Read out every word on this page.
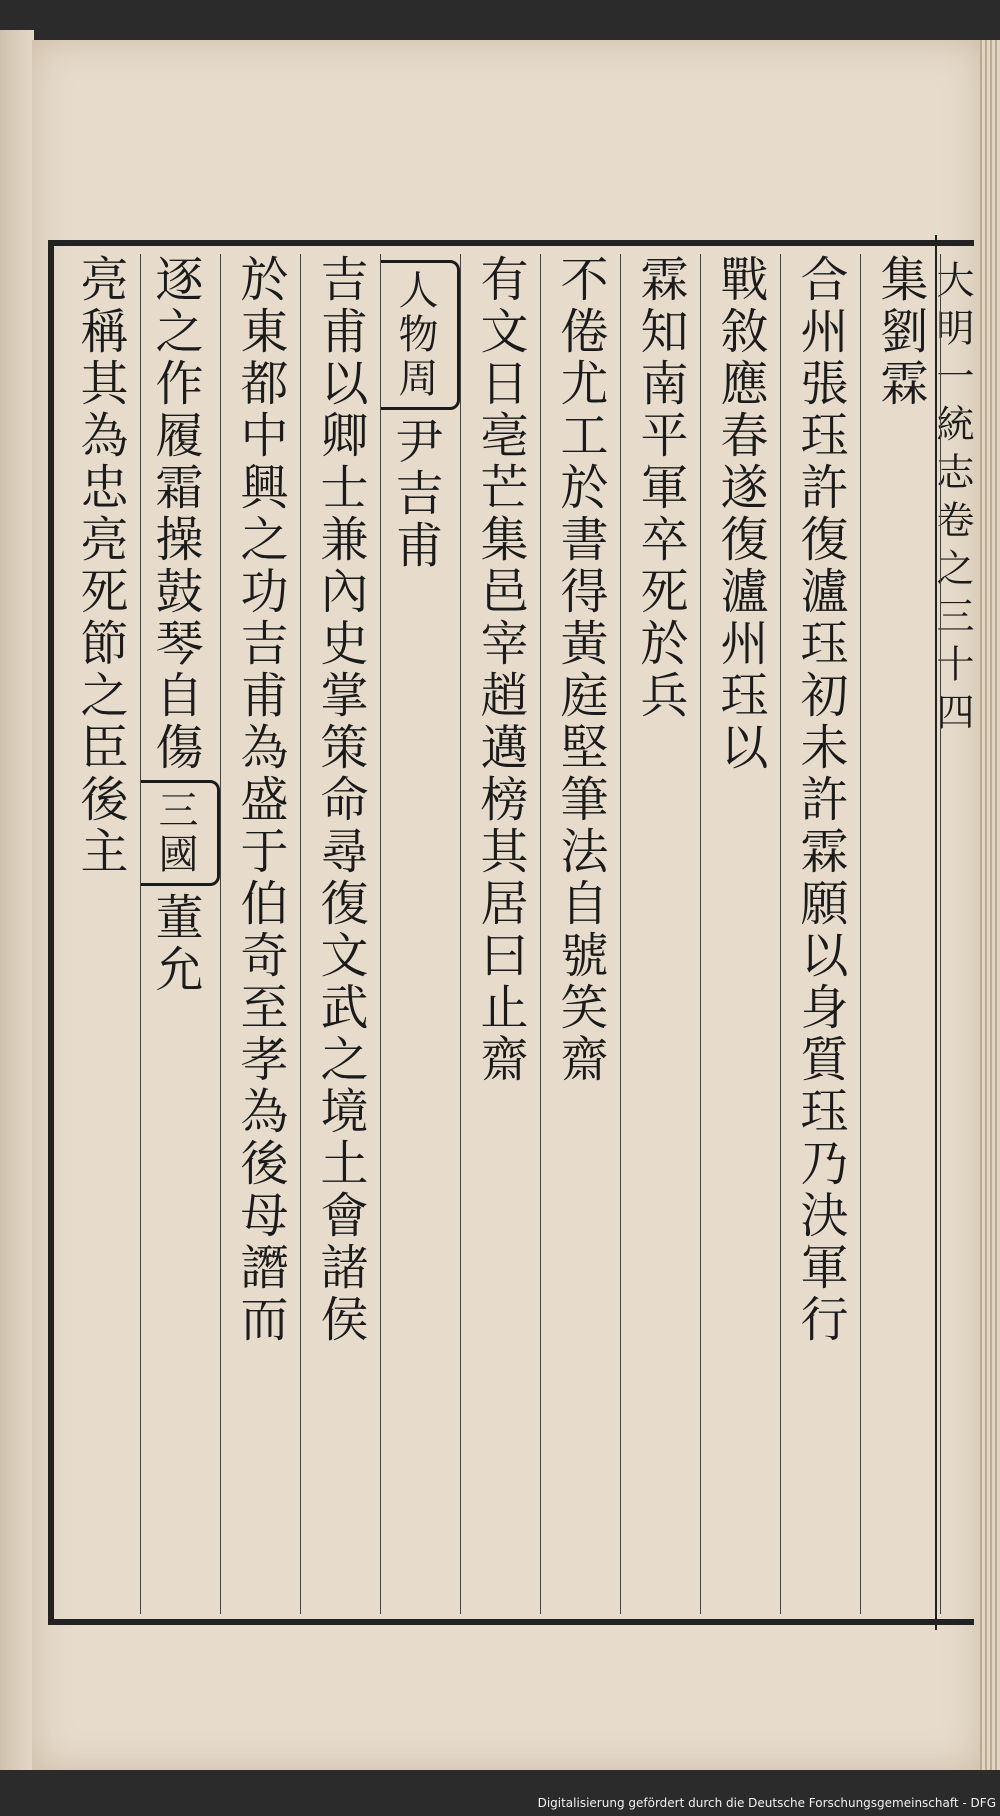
大明一統志卷之三十四
集劉霖
合州張珏許復瀘珏初未許霖願以身質珏乃決軍行
戰敘應春遂復瀘州珏以
霖知南平軍卒死於兵
不倦尤工於書得黃庭堅筆法自號笑齋
有文日亳芒集邑宰趙邁榜其居曰止齋
人物周尹吉甫
吉甫以卿士兼內史掌策命尋復文武之境土會諸侯
於東都中興之功吉甫為盛于伯奇至孝為後母譖而
逐之作履霜操鼓琴自傷三國董允
亮稱其為忠亮死節之臣後主
Digitalisierung gefördert durch die Deutsche Forschungsgemeinschaft - DFG
